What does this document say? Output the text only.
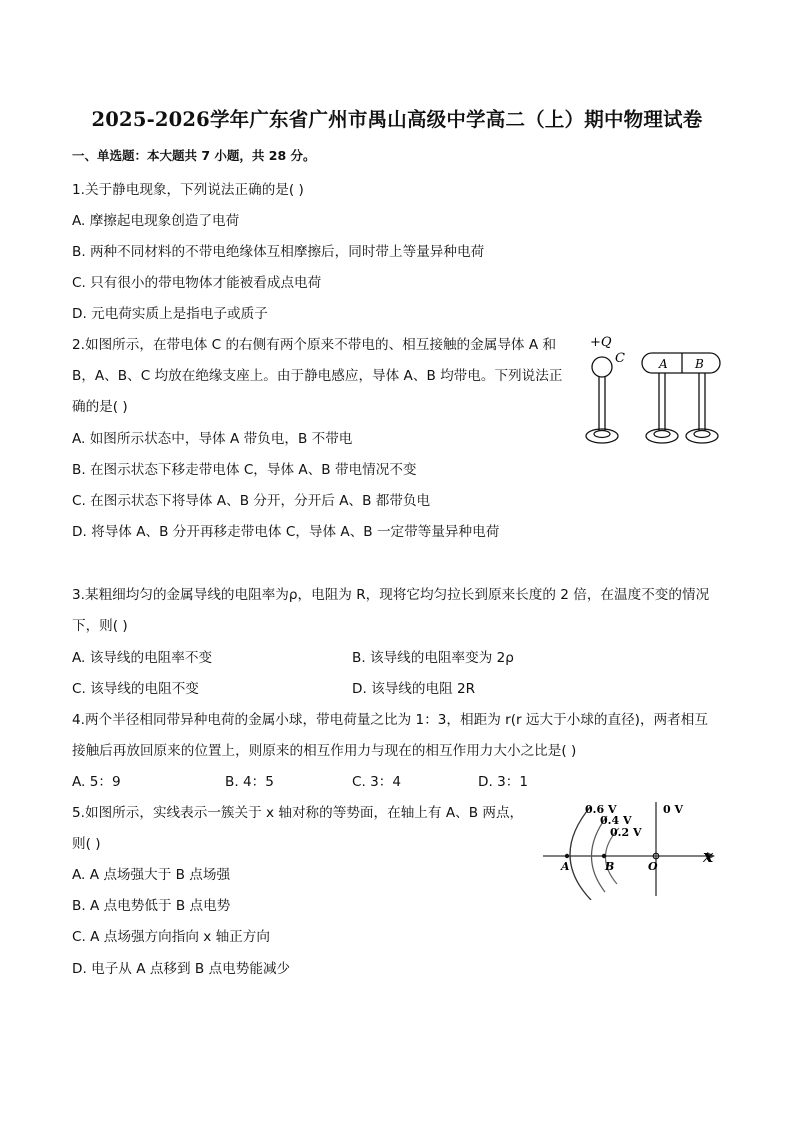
2025-2026学年广东省广州市禺山高级中学高二（上）期中物理试卷
一、单选题：本大题共 7 小题，共 28 分。
1.关于静电现象，下列说法正确的是( )
A. 摩擦起电现象创造了电荷
B. 两种不同材料的不带电绝缘体互相摩擦后，同时带上等量异种电荷
C. 只有很小的带电物体才能被看成点电荷
D. 元电荷实质上是指电子或质子
2.如图所示，在带电体 C 的右侧有两个原来不带电的、相互接触的金属导体 A 和
B，A、B、C 均放在绝缘支座上。由于静电感应，导体 A、B 均带电。下列说法正
确的是( )
A. 如图所示状态中，导体 A 带负电，B 不带电
B. 在图示状态下移走带电体 C，导体 A、B 带电情况不变
C. 在图示状态下将导体 A、B 分开，分开后 A、B 都带负电
D. 将导体 A、B 分开再移走带电体 C，导体 A、B 一定带等量异种电荷
+Q
C	A B
3.某粗细均匀的金属导线的电阻率为ρ，电阻为 R，现将它均匀拉长到原来长度的 2 倍，在温度不变的情况
下，则( )
A. 该导线的电阻率不变	B. 该导线的电阻率变为 2ρ
C. 该导线的电阻不变	D. 该导线的电阻 2R
4.两个半径相同带异种电荷的金属小球，带电荷量之比为 1：3，相距为 r(r 远大于小球的直径)，两者相互
接触后再放回原来的位置上，则原来的相互作用力与现在的相互作用力大小之比是( )
A. 5：9	B. 4：5	C. 3：4	D. 3：1
5.如图所示，实线表示一簇关于 x 轴对称的等势面，在轴上有 A、B 两点，
则( )
A. A 点场强大于 B 点场强
B. A 点电势低于 B 点电势
C. A 点场强方向指向 x 轴正方向
D. 电子从 A 点移到 B 点电势能减少
x
0.6 V
0.4 V
0.2 V
0 V
A	B	O
